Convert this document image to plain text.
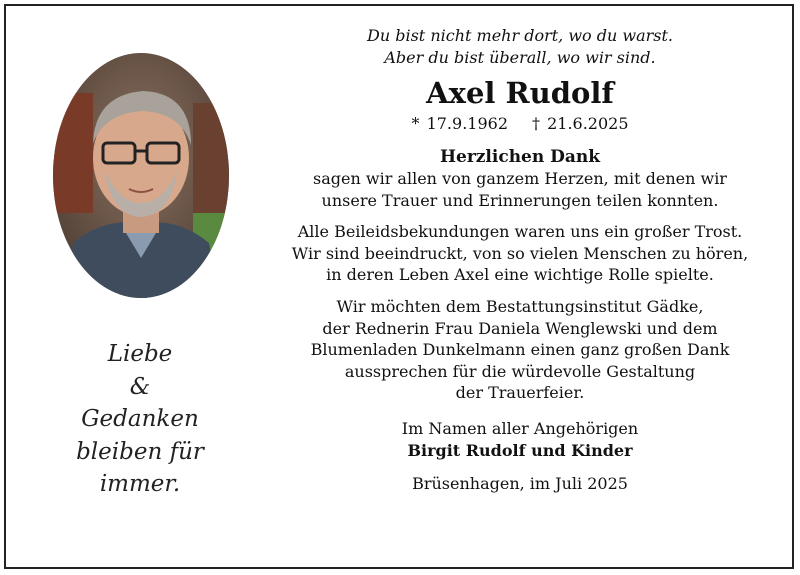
Liebe
&
Gedanken
bleiben für
immer.

Du bist nicht mehr dort, wo du warst.
Aber du bist überall, wo wir sind.

Axel Rudolf
* 17.9.1962 † 21.6.2025
Herzlichen Dank

sagen wir allen von ganzem Herzen, mit denen wir
unsere Trauer und Erinnerungen teilen konnten.

Alle Beileidsbekundungen waren uns ein großer Trost.
Wir sind beeindruckt, von so vielen Menschen zu hören,
in deren Leben Axel eine wichtige Rolle spielte.

Wir möchten dem Bestattungsinstitut Gädke,
der Rednerin Frau Daniela Wenglewski und dem
Blumenladen Dunkelmann einen ganz großen Dank
aussprechen für die würdevolle Gestaltung
der Trauerfeier.

Im Namen aller Angehörigen
Birgit Rudolf und Kinder

Brüsenhagen, im Juli 2025
